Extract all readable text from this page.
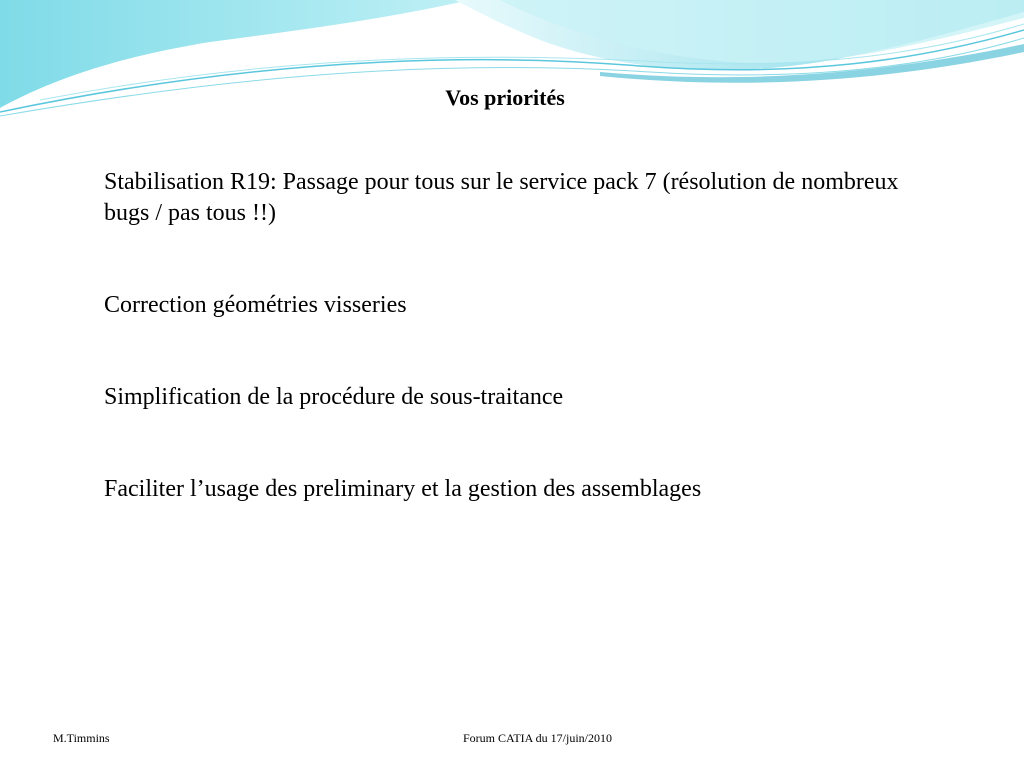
Vos priorités
Stabilisation R19: Passage pour tous sur le service pack 7 (résolution de nombreux bugs / pas tous !!)
Correction géométries visseries
Simplification de la procédure de sous-traitance
Faciliter l’usage des preliminary et la gestion des assemblages
M.Timmins	Forum CATIA du 17/juin/2010
